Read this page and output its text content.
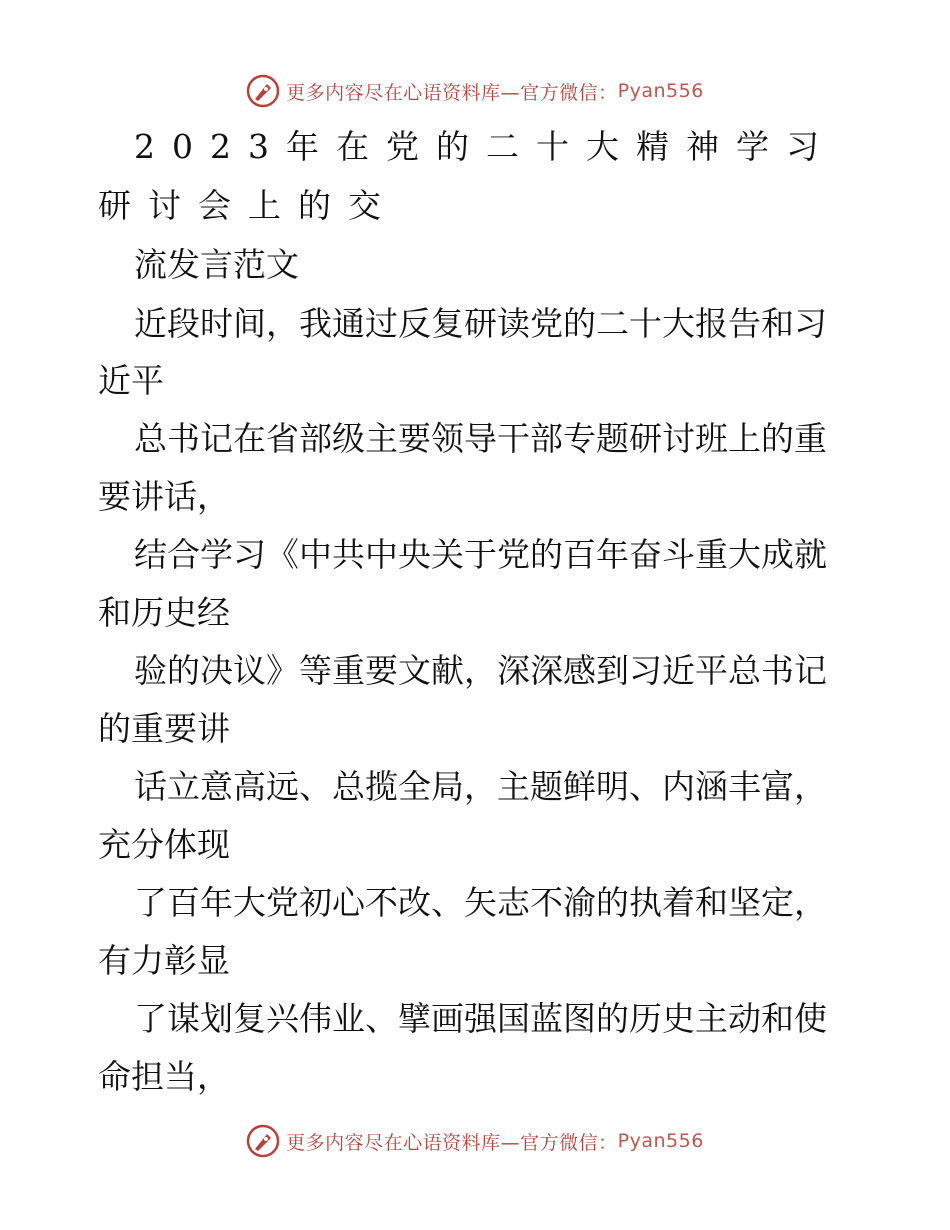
更多内容尽在心语资料库—官方微信： Pyan556
2023年在党的二十大精神学习
研讨会上的交
流发言范文
近段时间，我通过反复研读党的二十大报告和习
近平
总书记在省部级主要领导干部专题研讨班上的重
要讲话，
结合学习《中共中央关于党的百年奋斗重大成就
和历史经
验的决议》等重要文献，深深感到习近平总书记
的重要讲
话立意高远、总揽全局，主题鲜明、内涵丰富，
充分体现
了百年大党初心不改、矢志不渝的执着和坚定，
有力彰显
了谋划复兴伟业、擘画强国蓝图的历史主动和使
命担当，
更多内容尽在心语资料库—官方微信： Pyan556
